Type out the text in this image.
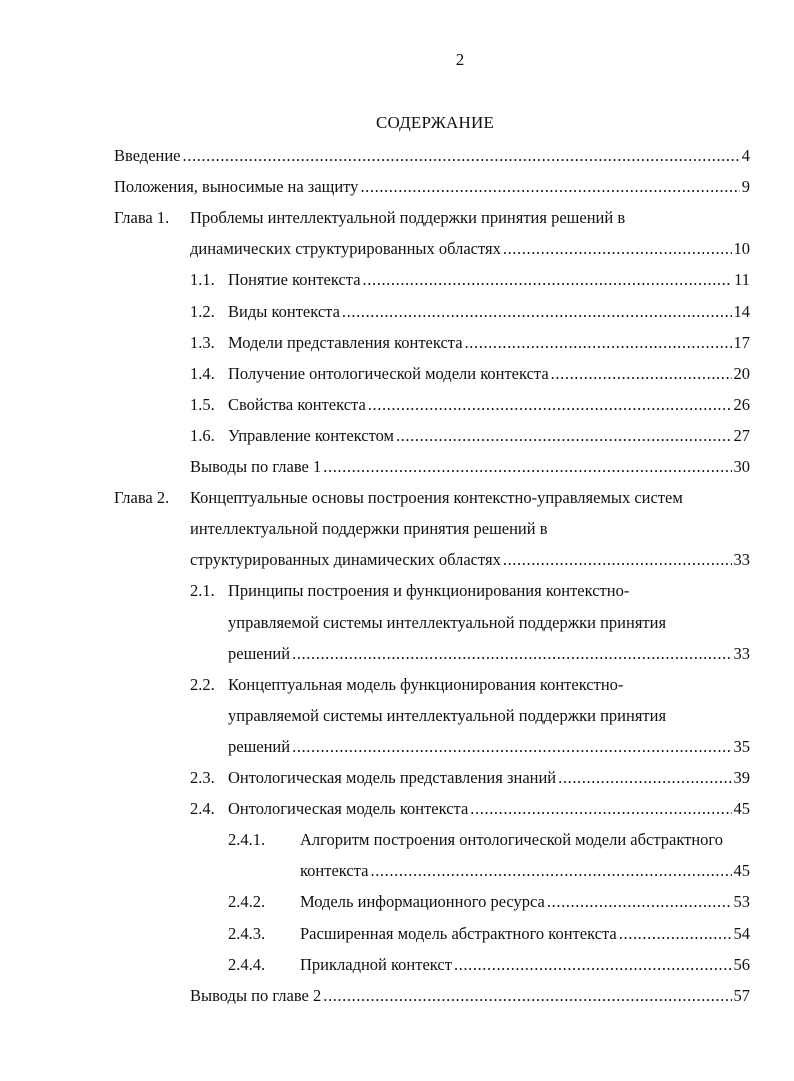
2
СОДЕРЖАНИЕ
Введение .....	4
Положения, выносимые на защиту .....	9
Глава 1. Проблемы интеллектуальной поддержки принятия решений в
динамических структурированных областях .....	10
1.1. Понятие контекста .....	11
1.2. Виды контекста .....	14
1.3. Модели представления контекста .....	17
1.4. Получение онтологической модели контекста .....	20
1.5. Свойства контекста .....	26
1.6. Управление контекстом .....	27
Выводы по главе 1 .....	30
Глава 2. Концептуальные основы построения контекстно-управляемых систем
интеллектуальной поддержки принятия решений в
структурированных динамических областях .....	33
2.1. Принципы построения и функционирования контекстно-
управляемой системы интеллектуальной поддержки принятия
решений .....	33
2.2. Концептуальная модель функционирования контекстно-
управляемой системы интеллектуальной поддержки принятия
решений .....	35
2.3. Онтологическая модель представления знаний .....	39
2.4. Онтологическая модель контекста .....	45
2.4.1. Алгоритм построения онтологической модели абстрактного
контекста .....	45
2.4.2. Модель информационного ресурса .....	53
2.4.3. Расширенная модель абстрактного контекста .....	54
2.4.4. Прикладной контекст .....	56
Выводы по главе 2 .....	57
